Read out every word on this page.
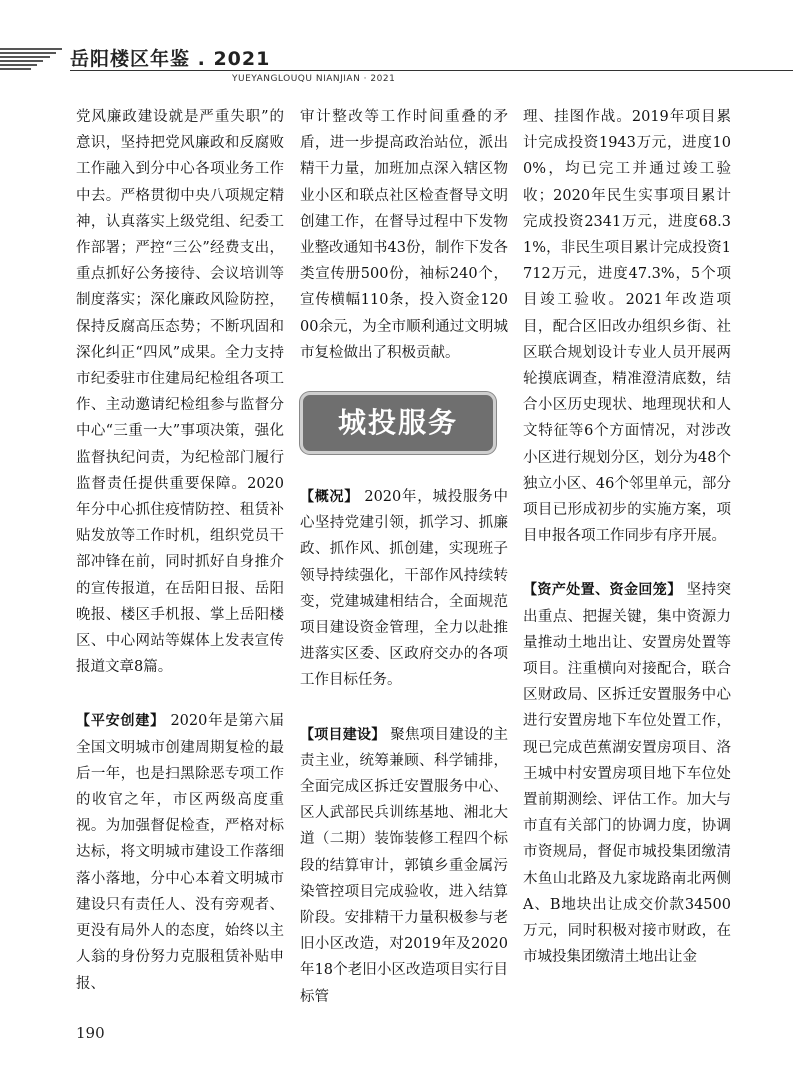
岳阳楼区年鉴 . 2021
YUEYANGLOUQU NIANJIAN · 2021

党风廉政建设就是严重失职”的意识，坚持把党风廉政和反腐败工作融入到分中心各项业务工作中去。严格贯彻中央八项规定精神，认真落实上级党组、纪委工作部署；严控“三公”经费支出，重点抓好公务接待、会议培训等制度落实；深化廉政风险防控，保持反腐高压态势；不断巩固和深化纠正“四风”成果。全力支持市纪委驻市住建局纪检组各项工作、主动邀请纪检组参与监督分中心“三重一大”事项决策，强化监督执纪问责，为纪检部门履行监督责任提供重要保障。2020年分中心抓住疫情防控、租赁补贴发放等工作时机，组织党员干部冲锋在前，同时抓好自身推介的宣传报道，在岳阳日报、岳阳晚报、楼区手机报、掌上岳阳楼区、中心网站等媒体上发表宣传报道文章8篇。

【平安创建】 2020年是第六届全国文明城市创建周期复检的最后一年，也是扫黑除恶专项工作的收官之年，市区两级高度重视。为加强督促检查，严格对标达标，将文明城市建设工作落细落小落地，分中心本着文明城市建设只有责任人、没有旁观者、更没有局外人的态度，始终以主人翁的身份努力克服租赁补贴申报、

审计整改等工作时间重叠的矛盾，进一步提高政治站位，派出精干力量，加班加点深入辖区物业小区和联点社区检查督导文明创建工作，在督导过程中下发物业整改通知书43份，制作下发各类宣传册500份，袖标240个，宣传横幅110条，投入资金12000余元，为全市顺利通过文明城市复检做出了积极贡献。

城投服务

【概况】 2020年，城投服务中心坚持党建引领，抓学习、抓廉政、抓作风、抓创建，实现班子领导持续强化，干部作风持续转变，党建城建相结合，全面规范项目建设资金管理，全力以赴推进落实区委、区政府交办的各项工作目标任务。

【项目建设】 聚焦项目建设的主责主业，统筹兼顾、科学铺排，全面完成区拆迁安置服务中心、区人武部民兵训练基地、湘北大道（二期）装饰装修工程四个标段的结算审计，郭镇乡重金属污染管控项目完成验收，进入结算阶段。安排精干力量积极参与老旧小区改造，对2019年及2020年18个老旧小区改造项目实行目标管

理、挂图作战。2019年项目累计完成投资1943万元，进度100%，均已完工并通过竣工验收；2020年民生实事项目累计完成投资2341万元，进度68.31%，非民生项目累计完成投资1712万元，进度47.3%，5个项目竣工验收。2021年改造项目，配合区旧改办组织乡街、社区联合规划设计专业人员开展两轮摸底调查，精准澄清底数，结合小区历史现状、地理现状和人文特征等6个方面情况，对涉改小区进行规划分区，划分为48个独立小区、46个邻里单元，部分项目已形成初步的实施方案，项目申报各项工作同步有序开展。

【资产处置、资金回笼】 坚持突出重点、把握关键，集中资源力量推动土地出让、安置房处置等项目。注重横向对接配合，联合区财政局、区拆迁安置服务中心进行安置房地下车位处置工作，现已完成芭蕉湖安置房项目、洛王城中村安置房项目地下车位处置前期测绘、评估工作。加大与市直有关部门的协调力度，协调市资规局，督促市城投集团缴清木鱼山北路及九家垅路南北两侧A、B地块出让成交价款34500万元，同时积极对接市财政，在市城投集团缴清土地出让金

190
